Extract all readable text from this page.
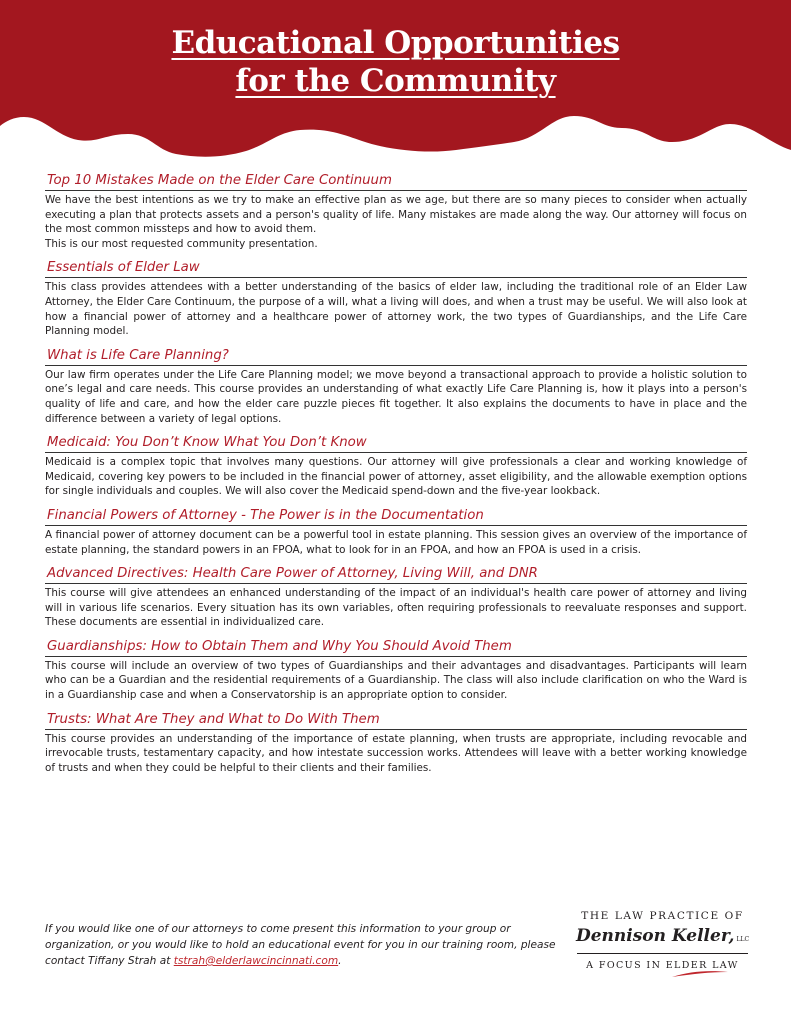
Educational Opportunities
for the Community
Top 10 Mistakes Made on the Elder Care Continuum

We have the best intentions as we try to make an effective plan as we age, but there are so many pieces to consider when actually executing a plan that protects assets and a person's quality of life. Many mistakes are made along the way. Our attorney will focus on the most common missteps and how to avoid them.

This is our most requested community presentation.

Essentials of Elder Law
This class provides attendees with a better understanding of the basics of elder law, including the traditional role of an Elder Law Attorney, the Elder Care Continuum, the purpose of a will, what a living will does, and when a trust may be useful. We will also look at how a financial power of attorney and a healthcare power of attorney work, the two types of Guardianships, and the Life Care Planning model.
What is Life Care Planning?
Our law firm operates under the Life Care Planning model; we move beyond a transactional approach to provide a holistic solution to one’s legal and care needs. This course provides an understanding of what exactly Life Care Planning is, how it plays into a person's quality of life and care, and how the elder care puzzle pieces fit together. It also explains the documents to have in place and the difference between a variety of legal options.
Medicaid: You Don’t Know What You Don’t Know
Medicaid is a complex topic that involves many questions. Our attorney will give professionals a clear and working knowledge of Medicaid, covering key powers to be included in the financial power of attorney, asset eligibility, and the allowable exemption options for single individuals and couples. We will also cover the Medicaid spend-down and the five-year lookback.
Financial Powers of Attorney - The Power is in the Documentation
A financial power of attorney document can be a powerful tool in estate planning. This session gives an overview of the importance of estate planning, the standard powers in an FPOA, what to look for in an FPOA, and how an FPOA is used in a crisis.
Advanced Directives: Health Care Power of Attorney, Living Will, and DNR
This course will give attendees an enhanced understanding of the impact of an individual's health care power of attorney and living will in various life scenarios. Every situation has its own variables, often requiring professionals to reevaluate responses and support. These documents are essential in individualized care.
Guardianships: How to Obtain Them and Why You Should Avoid Them
This course will include an overview of two types of Guardianships and their advantages and disadvantages. Participants will learn who can be a Guardian and the residential requirements of a Guardianship. The class will also include clarification on who the Ward is in a Guardianship case and when a Conservatorship is an appropriate option to consider.
Trusts: What Are They and What to Do With Them
This course provides an understanding of the importance of estate planning, when trusts are appropriate, including revocable and irrevocable trusts, testamentary capacity, and how intestate succession works. Attendees will leave with a better working knowledge of trusts and when they could be helpful to their clients and their families.
If you would like one of our attorneys to come present this information to your group or organization, or you would like to hold an educational event for you in our training room, please contact Tiffany Strah at tstrah@elderlawcincinnati.com.
THE LAW PRACTICE OF
Dennison Keller, LLC
A FOCUS IN ELDER LAW
